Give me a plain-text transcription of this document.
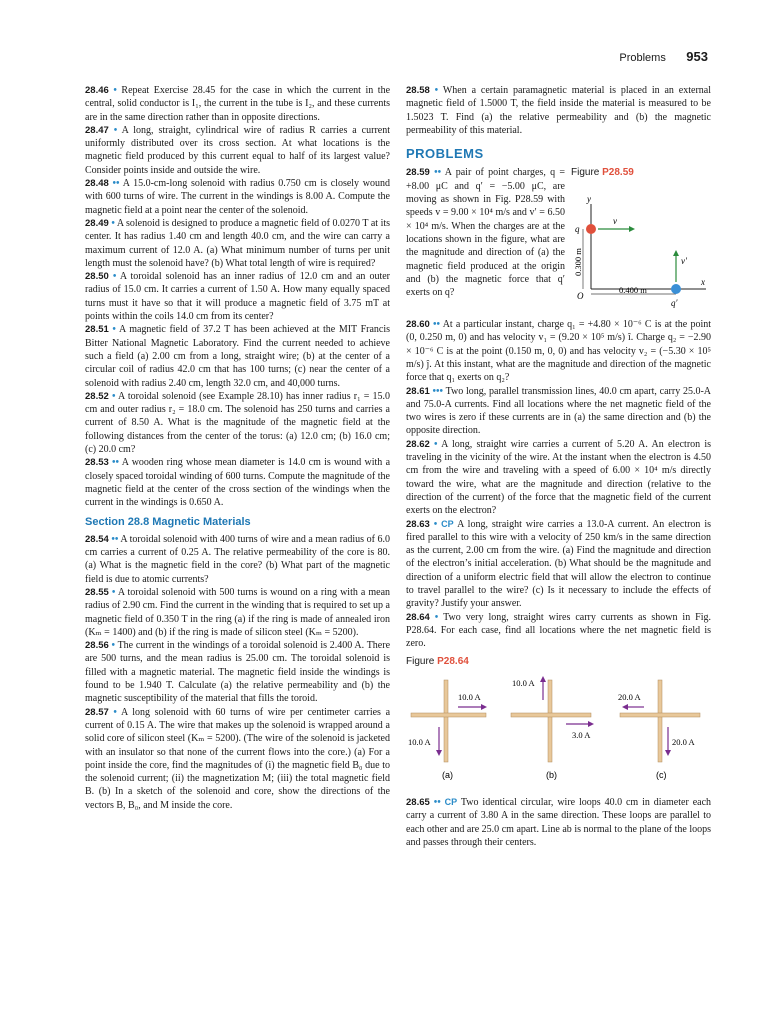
Problems 953

28.46 • Repeat Exercise 28.45 for the case in which the current in the central, solid conductor is I₁, the current in the tube is I₂, and these currents are in the same direction rather than in opposite directions.

28.47 • A long, straight, cylindrical wire of radius R carries a current uniformly distributed over its cross section. At what locations is the magnetic field produced by this current equal to half of its largest value? Consider points inside and outside the wire.

28.48 •• A 15.0-cm-long solenoid with radius 0.750 cm is closely wound with 600 turns of wire. The current in the windings is 8.00 A. Compute the magnetic field at a point near the center of the solenoid.

28.49 • A solenoid is designed to produce a magnetic field of 0.0270 T at its center. It has radius 1.40 cm and length 40.0 cm, and the wire can carry a maximum current of 12.0 A. (a) What minimum number of turns per unit length must the solenoid have? (b) What total length of wire is required?

28.50 • A toroidal solenoid has an inner radius of 12.0 cm and an outer radius of 15.0 cm. It carries a current of 1.50 A. How many equally spaced turns must it have so that it will produce a magnetic field of 3.75 mT at points within the coils 14.0 cm from its center?

28.51 • A magnetic field of 37.2 T has been achieved at the MIT Francis Bitter National Magnetic Laboratory. Find the current needed to achieve such a field (a) 2.00 cm from a long, straight wire; (b) at the center of a circular coil of radius 42.0 cm that has 100 turns; (c) near the center of a solenoid with radius 2.40 cm, length 32.0 cm, and 40,000 turns.

28.52 • A toroidal solenoid (see Example 28.10) has inner radius r₁ = 15.0 cm and outer radius r₂ = 18.0 cm. The solenoid has 250 turns and carries a current of 8.50 A. What is the magnitude of the magnetic field at the following distances from the center of the torus: (a) 12.0 cm; (b) 16.0 cm; (c) 20.0 cm?

28.53 •• A wooden ring whose mean diameter is 14.0 cm is wound with a closely spaced toroidal winding of 600 turns. Compute the magnitude of the magnetic field at the center of the cross section of the windings when the current in the windings is 0.650 A.

Section 28.8 Magnetic Materials

28.54 •• A toroidal solenoid with 400 turns of wire and a mean radius of 6.0 cm carries a current of 0.25 A. The relative permeability of the core is 80. (a) What is the magnetic field in the core? (b) What part of the magnetic field is due to atomic currents?

28.55 • A toroidal solenoid with 500 turns is wound on a ring with a mean radius of 2.90 cm. Find the current in the winding that is required to set up a magnetic field of 0.350 T in the ring (a) if the ring is made of annealed iron (Kₘ = 1400) and (b) if the ring is made of silicon steel (Kₘ = 5200).

28.56 • The current in the windings of a toroidal solenoid is 2.400 A. There are 500 turns, and the mean radius is 25.00 cm. The toroidal solenoid is filled with a magnetic material. The magnetic field inside the windings is found to be 1.940 T. Calculate (a) the relative permeability and (b) the magnetic susceptibility of the material that fills the toroid.

28.57 • A long solenoid with 60 turns of wire per centimeter carries a current of 0.15 A. The wire that makes up the solenoid is wrapped around a solid core of silicon steel (Kₘ = 5200). (The wire of the solenoid is jacketed with an insulator so that none of the current flows into the core.) (a) For a point inside the core, find the magnitudes of (i) the magnetic field B₀ due to the solenoid current; (ii) the magnetization M; (iii) the total magnetic field B. (b) In a sketch of the solenoid and core, show the directions of the vectors B, B₀, and M inside the core.

28.58 • When a certain paramagnetic material is placed in an external magnetic field of 1.5000 T, the field inside the material is measured to be 1.5023 T. Find (a) the relative permeability and (b) the magnetic permeability of this material.

PROBLEMS

28.59 •• A pair of point charges, q = +8.00 μC and q′ = −5.00 μC, are moving as shown in Fig. P28.59 with speeds v = 9.00 × 10⁴ m/s and v′ = 6.50 × 10⁴ m/s. When the charges are at the locations shown in the figure, what are the magnitude and direction of (a) the magnetic field produced at the origin and (b) the magnetic force that q′ exerts on q?

Figure P28.59
y
x
O
0.300 m
0.400 m
q
v
q′
v′

28.60 •• At a particular instant, charge q₁ = +4.80 × 10⁻⁶ C is at the point (0, 0.250 m, 0) and has velocity v₁ = (9.20 × 10⁵ m/s) î. Charge q₂ = −2.90 × 10⁻⁶ C is at the point (0.150 m, 0, 0) and has velocity v₂ = (−5.30 × 10⁵ m/s) ĵ. At this instant, what are the magnitude and direction of the magnetic force that q₁ exerts on q₂?

28.61 ••• Two long, parallel transmission lines, 40.0 cm apart, carry 25.0-A and 75.0-A currents. Find all locations where the net magnetic field of the two wires is zero if these currents are in (a) the same direction and (b) the opposite direction.

28.62 • A long, straight wire carries a current of 5.20 A. An electron is traveling in the vicinity of the wire. At the instant when the electron is 4.50 cm from the wire and traveling with a speed of 6.00 × 10⁴ m/s directly toward the wire, what are the magnitude and direction (relative to the direction of the current) of the force that the magnetic field of the current exerts on the electron?

28.63 • CP A long, straight wire carries a 13.0-A current. An electron is fired parallel to this wire with a velocity of 250 km/s in the same direction as the current, 2.00 cm from the wire. (a) Find the magnitude and direction of the electron’s initial acceleration. (b) What should be the magnitude and direction of a uniform electric field that will allow the electron to continue to travel parallel to the wire? (c) Is it necessary to include the effects of gravity? Justify your answer.

28.64 • Two very long, straight wires carry currents as shown in Fig. P28.64. For each case, find all locations where the net magnetic field is zero.

Figure P28.64
10.0 A
10.0 A
(a)
10.0 A
3.0 A
(b)
20.0 A
20.0 A
(c)

28.65 •• CP Two identical circular, wire loops 40.0 cm in diameter each carry a current of 3.80 A in the same direction. These loops are parallel to each other and are 25.0 cm apart. Line ab is normal to the plane of the loops and passes through their centers.
